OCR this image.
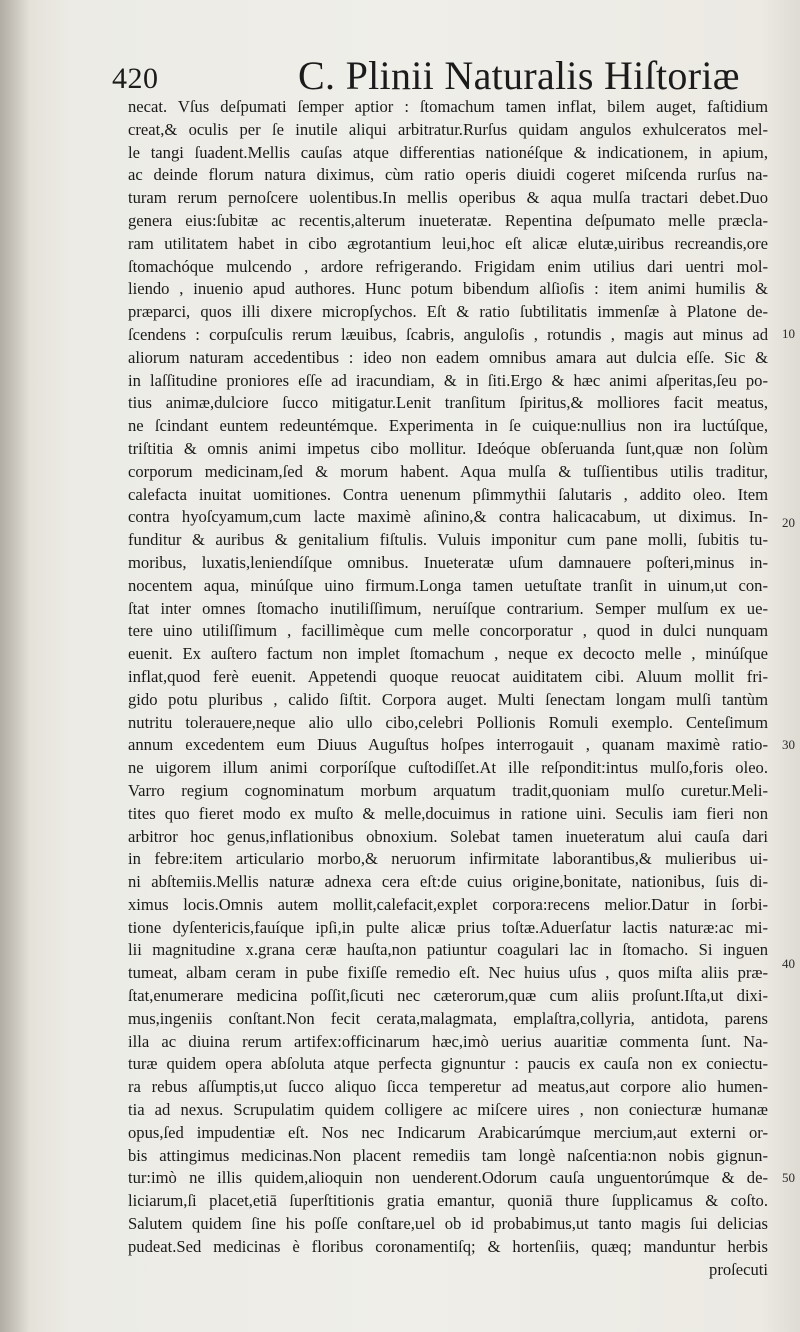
420	C. Plinii Naturalis Hiſtoriæ
necat. Vſus deſpumati ſemper aptior : ſtomachum tamen inflat, bilem auget, faſtidium
creat,& oculis per ſe inutile aliqui arbitratur.Rurſus quidam angulos exhulceratos mel-
le tangi ſuadent.Mellis cauſas atque differentias nationéſque & indicationem, in apium,
ac deinde florum natura diximus, cùm ratio operis diuidi cogeret miſcenda rurſus na-
turam rerum pernoſcere uolentibus.In mellis operibus & aqua mulſa tractari debet.Duo
genera eius:ſubitæ ac recentis,alterum inueteratæ. Repentina deſpumato melle præcla-
ram utilitatem habet in cibo ægrotantium leui,hoc eſt alicæ elutæ,uiribus recreandis,ore
ſtomachóque mulcendo , ardore refrigerando. Frigidam enim utilius dari uentri mol-
liendo , inuenio apud authores. Hunc potum bibendum alſioſis : item animi humilis &
præparci, quos illi dixere micropſychos. Eſt & ratio ſubtilitatis immenſæ à Platone de-
ſcendens : corpuſculis rerum læuibus, ſcabris, anguloſis , rotundis , magis aut minus ad
aliorum naturam accedentibus : ideo non eadem omnibus amara aut dulcia eſſe. Sic &
in laſſitudine proniores eſſe ad iracundiam, & in ſiti.Ergo & hæc animi aſperitas,ſeu po-
tius animæ,dulciore ſucco mitigatur.Lenit tranſitum ſpiritus,& molliores facit meatus,
ne ſcindant euntem redeuntémque. Experimenta in ſe cuique:nullius non ira luctúſque,
triſtitia & omnis animi impetus cibo mollitur. Ideóque obſeruanda ſunt,quæ non ſolùm
corporum medicinam,ſed & morum habent. Aqua mulſa & tuſſientibus utilis traditur,
calefacta inuitat uomitiones. Contra uenenum pſimmythii ſalutaris , addito oleo. Item
contra hyoſcyamum,cum lacte maximè aſinino,& contra halicacabum, ut diximus. In-
funditur & auribus & genitalium fiſtulis. Vuluis imponitur cum pane molli, ſubitis tu-
moribus, luxatis,leniendíſque omnibus. Inueteratæ uſum damnauere poſteri,minus in-
nocentem aqua, minúſque uino firmum.Longa tamen uetuſtate tranſit in uinum,ut con-
ſtat inter omnes ſtomacho inutiliſſimum, neruíſque contrarium. Semper mulſum ex ue-
tere uino utiliſſimum , facillimèque cum melle concorporatur , quod in dulci nunquam
euenit. Ex auſtero factum non implet ſtomachum , neque ex decocto melle , minúſque
inflat,quod ferè euenit. Appetendi quoque reuocat auiditatem cibi. Aluum mollit fri-
gido potu pluribus , calido ſiſtit. Corpora auget. Multi ſenectam longam mulſi tantùm
nutritu tolerauere,neque alio ullo cibo,celebri Pollionis Romuli exemplo. Centeſimum
annum excedentem eum Diuus Auguſtus hoſpes interrogauit , quanam maximè ratio-
ne uigorem illum animi corporíſque cuſtodiſſet.At ille reſpondit:intus mulſo,foris oleo.
Varro regium cognominatum morbum arquatum tradit,quoniam mulſo curetur.Meli-
tites quo fieret modo ex muſto & melle,docuimus in ratione uini. Seculis iam fieri non
arbitror hoc genus,inflationibus obnoxium. Solebat tamen inueteratum alui cauſa dari
in febre:item articulario morbo,& neruorum infirmitate laborantibus,& mulieribus ui-
ni abſtemiis.Mellis naturæ adnexa cera eſt:de cuius origine,bonitate, nationibus, ſuis di-
ximus locis.Omnis autem mollit,calefacit,explet corpora:recens melior.Datur in ſorbi-
tione dyſentericis,fauíque ipſi,in pulte alicæ prius toſtæ.Aduerſatur lactis naturæ:ac mi-
lii magnitudine x.grana ceræ hauſta,non patiuntur coagulari lac in ſtomacho. Si inguen
tumeat, albam ceram in pube fixiſſe remedio eſt. Nec huius uſus , quos miſta aliis præ-
ſtat,enumerare medicina poſſit,ſicuti nec cæterorum,quæ cum aliis proſunt.Iſta,ut dixi-
mus,ingeniis conſtant.Non fecit cerata,malagmata, emplaſtra,collyria, antidota, parens
illa ac diuina rerum artifex:officinarum hæc,imò uerius auaritiæ commenta ſunt. Na-
turæ quidem opera abſoluta atque perfecta gignuntur : paucis ex cauſa non ex coniectu-
ra rebus aſſumptis,ut ſucco aliquo ſicca temperetur ad meatus,aut corpore alio humen-
tia ad nexus. Scrupulatim quidem colligere ac miſcere uires , non coniecturæ humanæ
opus,ſed impudentiæ eſt. Nos nec Indicarum Arabicarúmque mercium,aut externi or-
bis attingimus medicinas.Non placent remediis tam longè naſcentia:non nobis gignun-
tur:imò ne illis quidem,alioquin non uenderent.Odorum cauſa unguentorúmque & de-
liciarum,ſi placet,etiā ſuperſtitionis gratia emantur, quoniā thure ſupplicamus & coſto.
Salutem quidem ſine his poſſe conſtare,uel ob id probabimus,ut tanto magis ſui delicias
pudeat.Sed medicinas è floribus coronamentiſq; & hortenſiis, quæq; manduntur herbis
proſecuti
10
20
30
40
50
